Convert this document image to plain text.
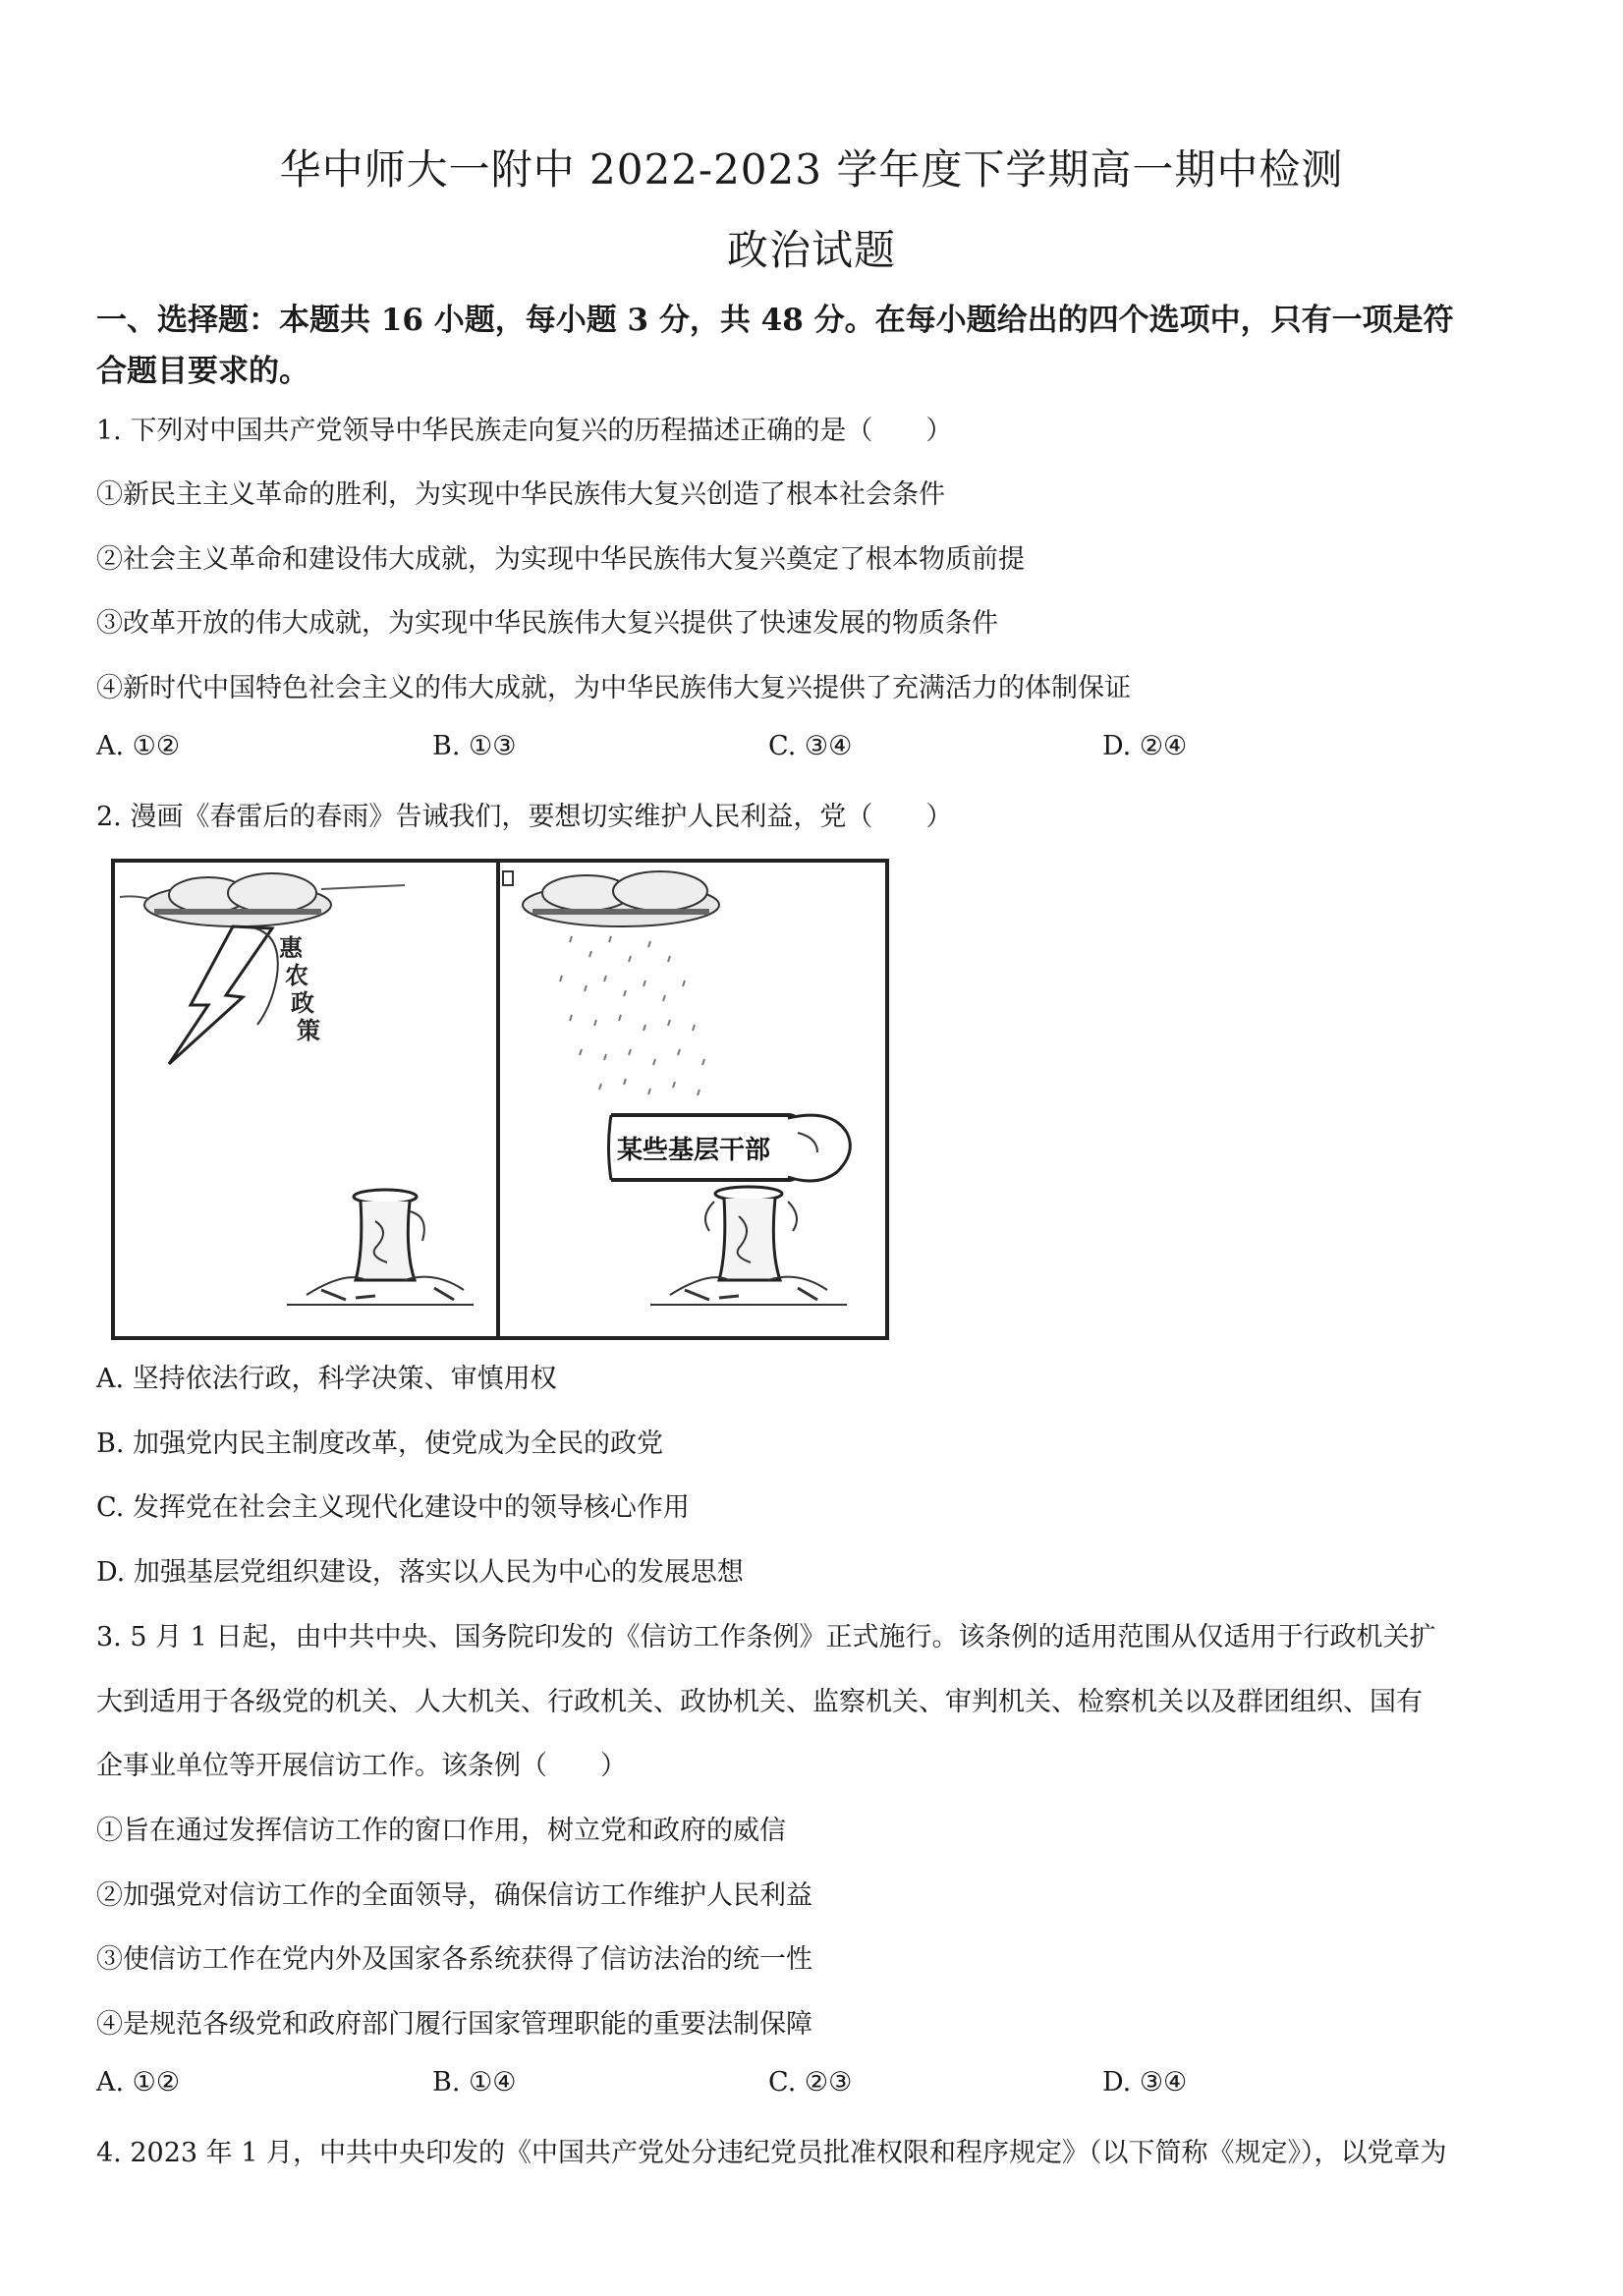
华中师大一附中 2022-2023 学年度下学期高一期中检测
政治试题
一、选择题：本题共 16 小题，每小题 3 分，共 48 分。在每小题给出的四个选项中，只有一项是符
合题目要求的。
1. 下列对中国共产党领导中华民族走向复兴的历程描述正确的是（　　）
①新民主主义革命的胜利，为实现中华民族伟大复兴创造了根本社会条件
②社会主义革命和建设伟大成就，为实现中华民族伟大复兴奠定了根本物质前提
③改革开放的伟大成就，为实现中华民族伟大复兴提供了快速发展的物质条件
④新时代中国特色社会主义的伟大成就，为中华民族伟大复兴提供了充满活力的体制保证
A. ①②	B. ①③	C. ③④	D. ②④
2. 漫画《春雷后的春雨》告诫我们，要想切实维护人民利益，党（　　）
惠
农
政
策
某些基层干部
A. 坚持依法行政，科学决策、审慎用权
B. 加强党内民主制度改革，使党成为全民的政党
C. 发挥党在社会主义现代化建设中的领导核心作用
D. 加强基层党组织建设，落实以人民为中心的发展思想
3. 5 月 1 日起，由中共中央、国务院印发的《信访工作条例》正式施行。该条例的适用范围从仅适用于行政机关扩
大到适用于各级党的机关、人大机关、行政机关、政协机关、监察机关、审判机关、检察机关以及群团组织、国有
企事业单位等开展信访工作。该条例（　　）
①旨在通过发挥信访工作的窗口作用，树立党和政府的威信
②加强党对信访工作的全面领导，确保信访工作维护人民利益
③使信访工作在党内外及国家各系统获得了信访法治的统一性
④是规范各级党和政府部门履行国家管理职能的重要法制保障
A. ①②	B. ①④	C. ②③	D. ③④
4. 2023 年 1 月，中共中央印发的《中国共产党处分违纪党员批准权限和程序规定》（以下简称《规定》），以党章为
